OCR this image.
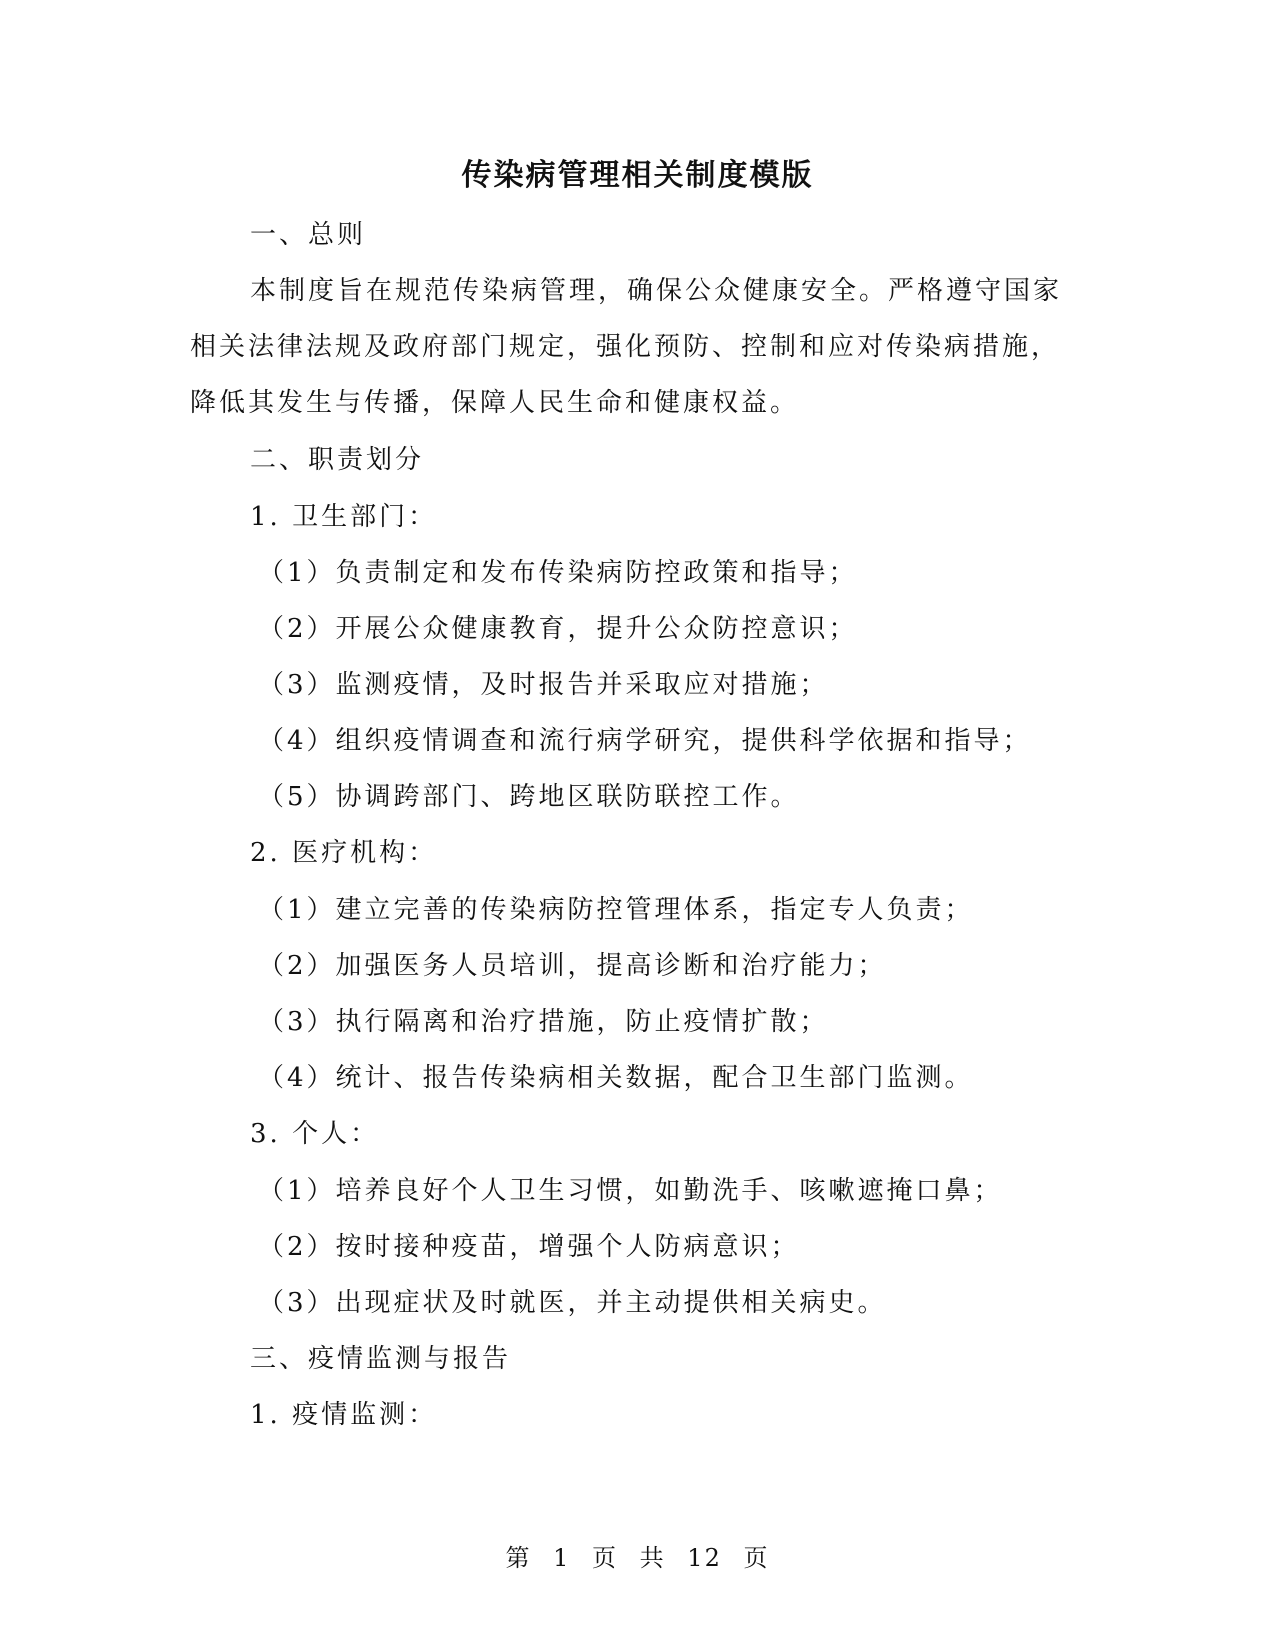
传染病管理相关制度模版
一、总则
本制度旨在规范传染病管理，确保公众健康安全。严格遵守国家
相关法律法规及政府部门规定，强化预防、控制和应对传染病措施，
降低其发生与传播，保障人民生命和健康权益。
二、职责划分
1. 卫生部门：
（1）负责制定和发布传染病防控政策和指导；
（2）开展公众健康教育，提升公众防控意识；
（3）监测疫情，及时报告并采取应对措施；
（4）组织疫情调查和流行病学研究，提供科学依据和指导；
（5）协调跨部门、跨地区联防联控工作。
2. 医疗机构：
（1）建立完善的传染病防控管理体系，指定专人负责；
（2）加强医务人员培训，提高诊断和治疗能力；
（3）执行隔离和治疗措施，防止疫情扩散；
（4）统计、报告传染病相关数据，配合卫生部门监测。
3. 个人：
（1）培养良好个人卫生习惯，如勤洗手、咳嗽遮掩口鼻；
（2）按时接种疫苗，增强个人防病意识；
（3）出现症状及时就医，并主动提供相关病史。
三、疫情监测与报告
1. 疫情监测：
第 1 页 共 12 页
